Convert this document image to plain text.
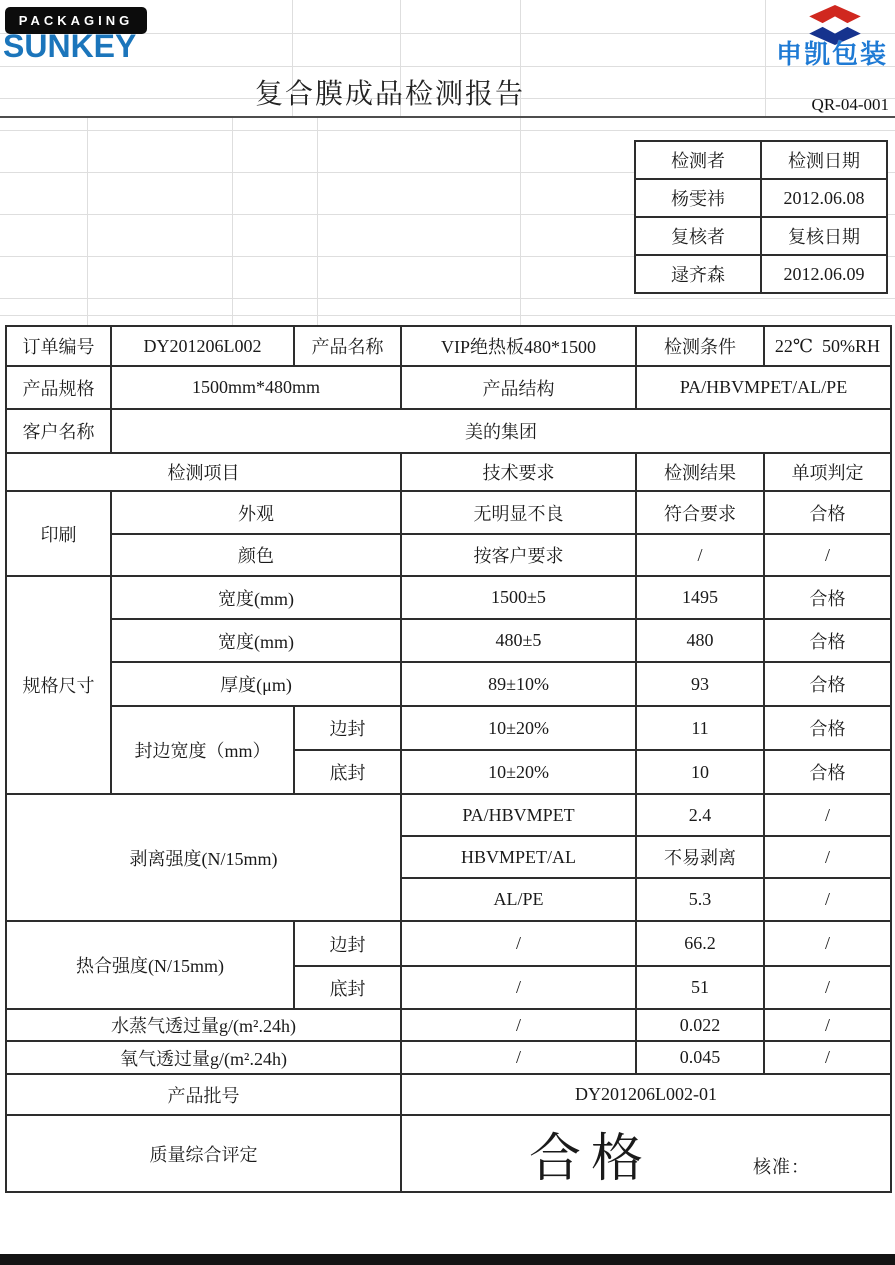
PACKAGING
SUNKEY	申凯包装
复合膜成品检测报告	QR-04-001
检测者	检测日期
杨雯祎	2012.06.08
复核者	复核日期
逯齐森	2012.06.09
订单编号	DY201206L002	产品名称	VIP绝热板480*1500	检测条件	22℃  50%RH
产品规格	1500mm*480mm		产品结构	PA/HBVMPET/AL/PE	
客户名称	美的集团				
检测项目			技术要求	检测结果	单项判定
印刷	外观		无明显不良	符合要求	合格
	颜色		按客户要求	/	/
规格尺寸	宽度(mm)		1500±5	1495	合格
	宽度(mm)		480±5	480	合格
	厚度(μm)		89±10%	93	合格
	封边宽度（mm）	边封	10±20%	11	合格
		底封	10±20%	10	合格
剥离强度(N/15mm)			PA/HBVMPET	2.4	/
			HBVMPET/AL	不易剥离	/
			AL/PE	5.3	/
热合强度(N/15mm)		边封	/	66.2	/
		底封	/	51	/
水蒸气透过量g/(m².24h)			/	0.022	/
氧气透过量g/(m².24h)			/	0.045	/
产品批号			DY201206L002-01		
质量综合评定			合格 核准：		
